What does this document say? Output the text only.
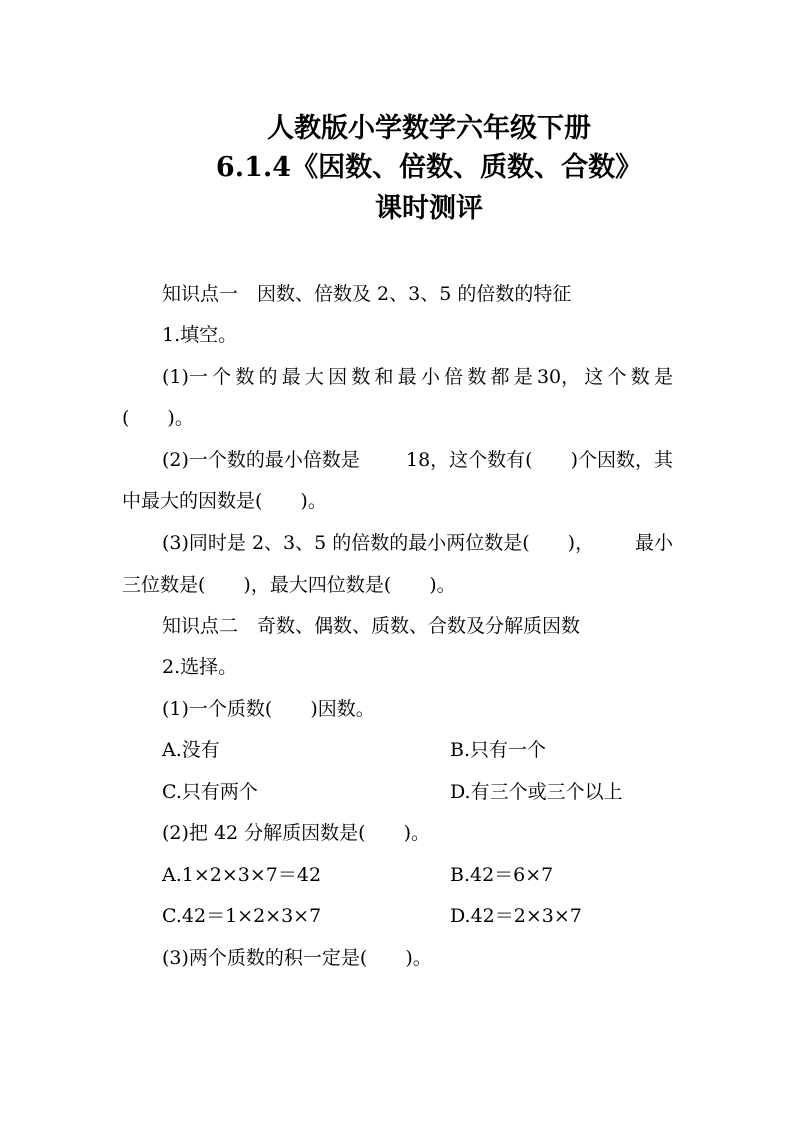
人教版小学数学六年级下册
6.1.4《因数、倍数、质数、合数》
课时测评
知识点一　因数、倍数及 2、3、5 的倍数的特征
1.填空。
(1)一 个 数 的 最 大 因 数 和 最 小 倍 数 都 是 30， 这 个 数 是
(　　)。
(2)一个数的最小倍数是 18，这个数有(　　)个因数，其
中最大的因数是(　　)。
(3)同时是 2、3、5 的倍数的最小两位数是(　　)， 最小
三位数是(　　)，最大四位数是(　　)。
知识点二　奇数、偶数、质数、合数及分解质因数
2.选择。
(1)一个质数(　　)因数。
A.没有	B.只有一个
C.只有两个	D.有三个或三个以上
(2)把 42 分解质因数是(　　)。
A.1×2×3×7＝42	B.42＝6×7
C.42＝1×2×3×7	D.42＝2×3×7
(3)两个质数的积一定是(　　)。
